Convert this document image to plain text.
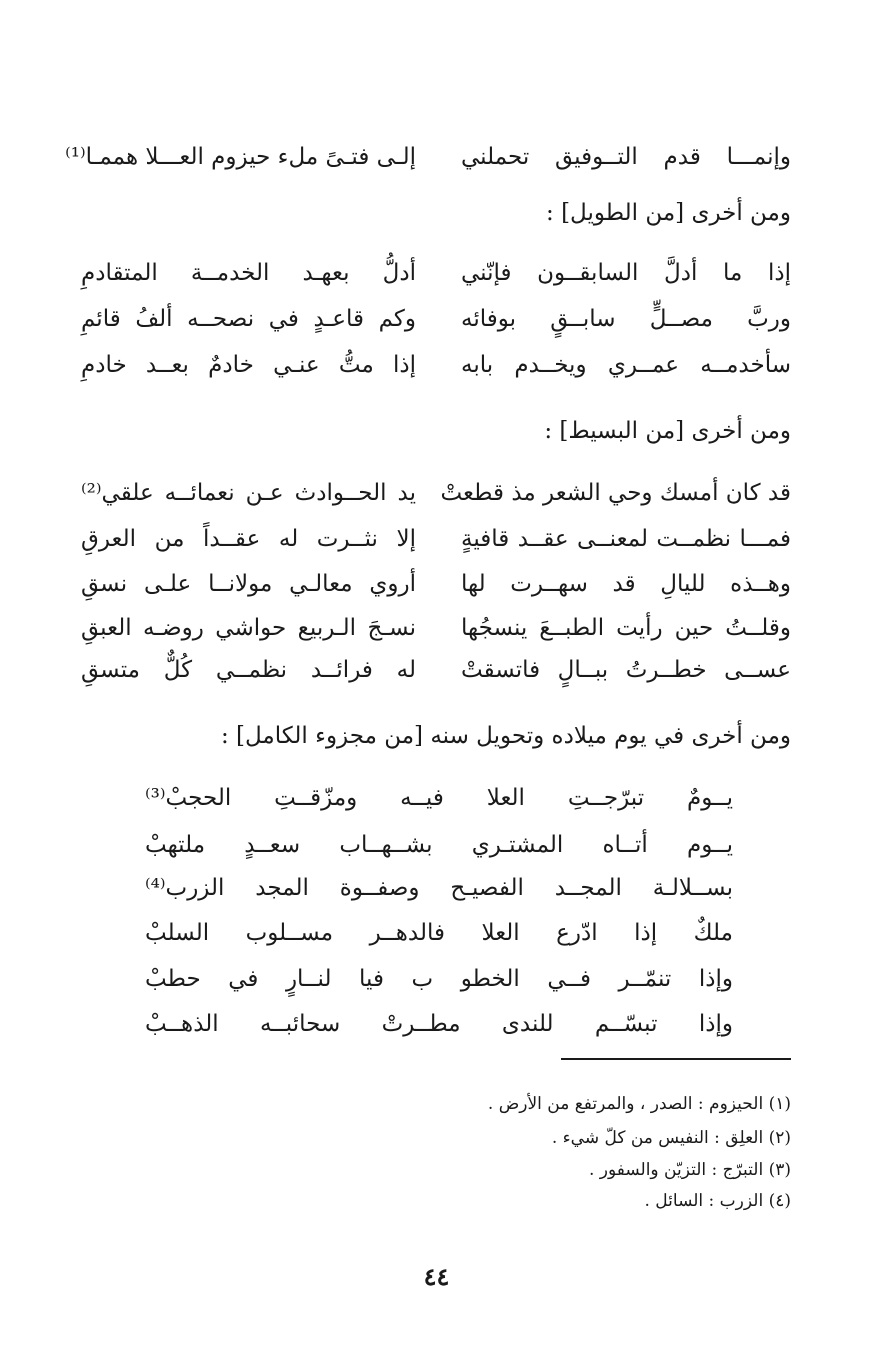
وإنمـــا قدم التــوفيق تحملني
إلـى فتـىً ملء حيزوم العـــلا هممـا⁽¹⁾
ومن أخرى [من الطويل] :
إذا ما أدلَّ السابقــون فإنّني
أدلُّ بعهـد الخدمــة المتقادمِ
وربَّ مصــلٍّ سابــقٍ بوفائه
وكم قاعـدٍ في نصحــه ألفُ قائمِ
سأخدمــه عمــري ويخــدم بابه
إذا متُّ عنـي خادمٌ بعــد خادمِ
ومن أخرى [من البسيط] :
قد كان أمسك وحي الشعر مذ قطعتْ
يد الحــوادث عـن نعمائــه علقي⁽²⁾
فمـــا نظمــت لمعنــى عقــد قافيةٍ
إلا نثــرت له عقــداً من العرقِ
وهــذه لليالِ قد سهــرت لها
أروي معالـي مولانــا علـى نسقِ
وقلــتُ حين رأيت الطبــعَ ينسجُها
نسـجَ الـربيع حواشي روضـه العبقِ
عســى خطــرتُ ببــالٍ فاتسقتْ
له فرائــد نظمــي كُلٌّ متسقِ
ومن أخرى في يوم ميلاده وتحويل سنه [من مجزوء الكامل] :
يــومٌ تبرّجــتِ العلا فيــه ومزّقــتِ الحجبْ⁽³⁾
يــوم أتــاه المشتـري بشــهــاب سعــدٍ ملتهبْ
بســلالـة المجــد الفصيـح وصفــوة المجد الزرب⁽⁴⁾
ملكٌ إذا ادّرع العلا فالدهــر مســلوب السلبْ
وإذا تنمّــر فــي الخطو ب فيا لنــارٍ في حطبْ
وإذا تبسّــم للندى مطــرتْ سحائبــه الذهــبْ
(١) الحيزوم : الصدر ، والمرتفع من الأرض .
(٢) العلِق : النفيس من كلّ شيء .
(٣) التبرّج : التزيّن والسفور .
(٤) الزرب : السائل .
٤٤
